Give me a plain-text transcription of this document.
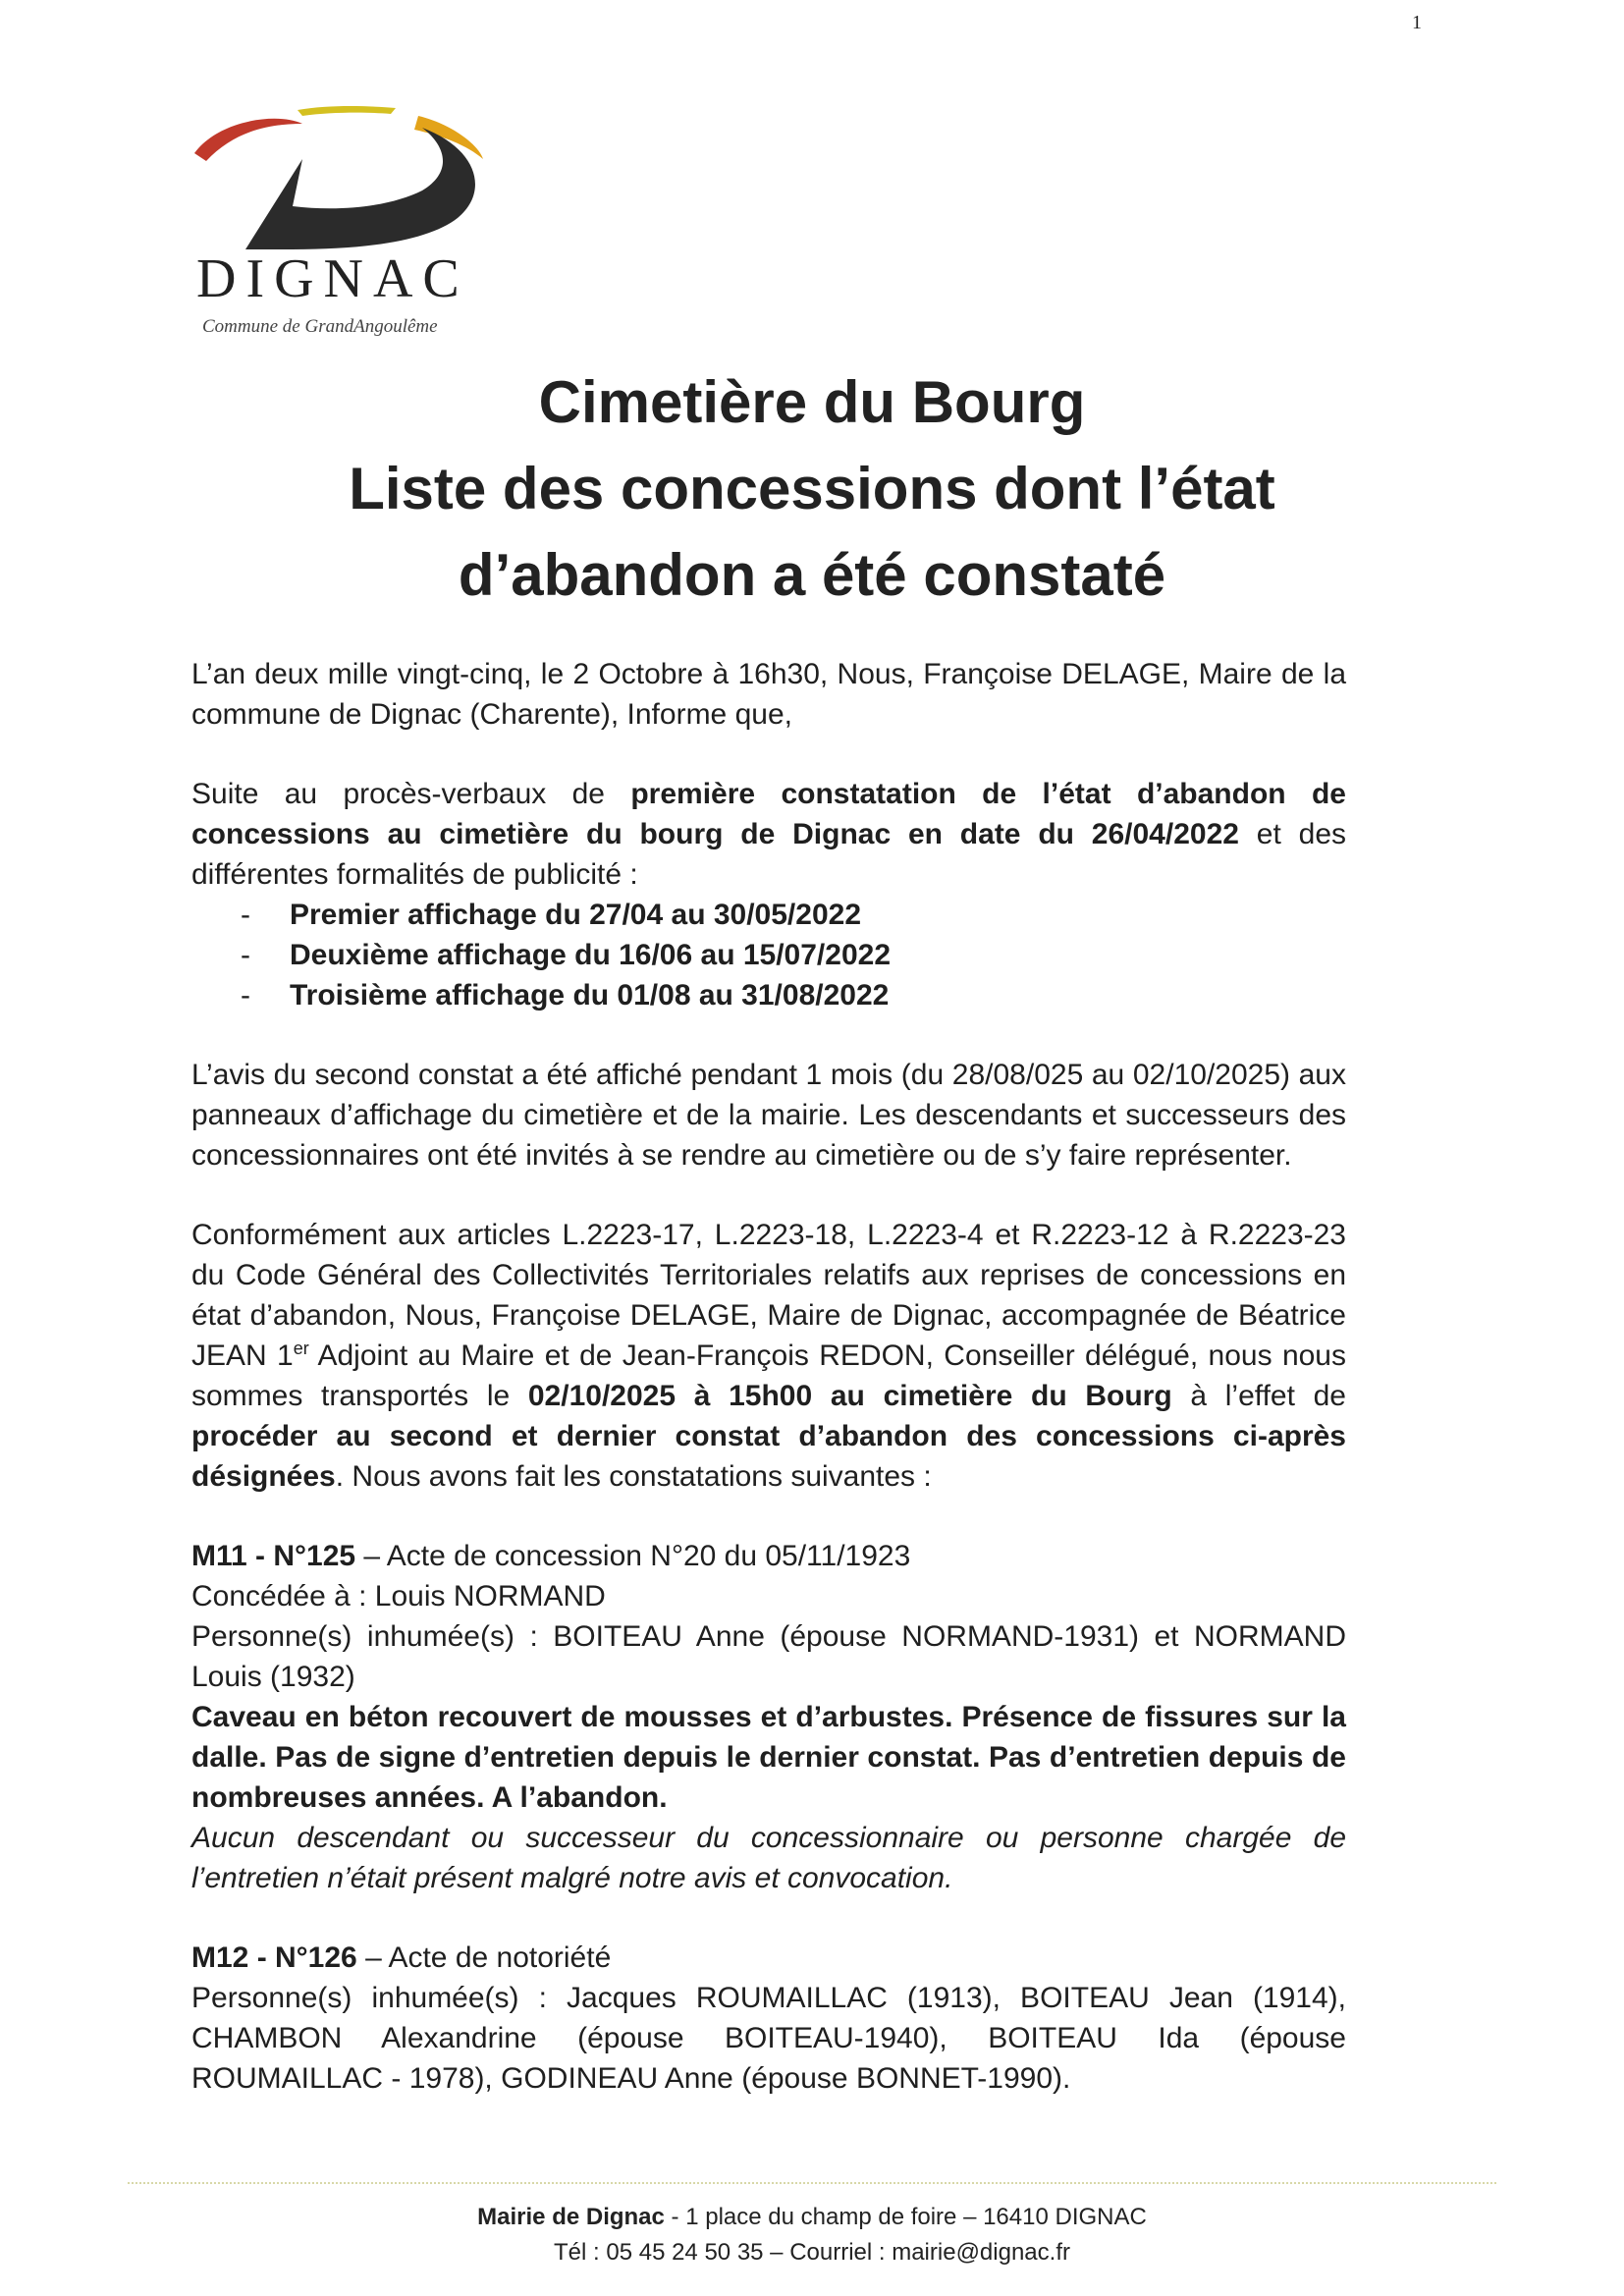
1
DIGNAC
Commune de GrandAngoulême
Cimetière du Bourg
Liste des concessions dont l’état
d’abandon a été constaté

L’an deux mille vingt-cinq, le 2 Octobre à 16h30, Nous, Françoise DELAGE, Maire de la commune de Dignac (Charente), Informe que,

Suite au procès-verbaux de première constatation de l’état d’abandon de concessions au cimetière du bourg de Dignac en date du 26/04/2022 et des différentes formalités de publicité :

- Premier affichage du 27/04 au 30/05/2022
- Deuxième affichage du 16/06 au 15/07/2022
- Troisième affichage du 01/08 au 31/08/2022

L’avis du second constat a été affiché pendant 1 mois (du 28/08/025 au 02/10/2025) aux panneaux d’affichage du cimetière et de la mairie. Les descendants et successeurs des concessionnaires ont été invités à se rendre au cimetière ou de s’y faire représenter.

Conformément aux articles L.2223-17, L.2223-18, L.2223-4 et R.2223-12 à R.2223-23 du Code Général des Collectivités Territoriales relatifs aux reprises de concessions en état d’abandon, Nous, Françoise DELAGE, Maire de Dignac, accompagnée de Béatrice JEAN 1er Adjoint au Maire et de Jean-François REDON, Conseiller délégué, nous nous sommes transportés le 02/10/2025 à 15h00 au cimetière du Bourg à l’effet de procéder au second et dernier constat d’abandon des concessions ci-après désignées. Nous avons fait les constatations suivantes :

M11 - N°125 – Acte de concession N°20 du 05/11/1923

Concédée à : Louis NORMAND

Personne(s) inhumée(s) : BOITEAU Anne (épouse NORMAND-1931) et NORMAND Louis (1932)

Caveau en béton recouvert de mousses et d’arbustes. Présence de fissures sur la dalle. Pas de signe d’entretien depuis le dernier constat. Pas d’entretien depuis de nombreuses années. A l’abandon.

Aucun descendant ou successeur du concessionnaire ou personne chargée de l’entretien n’était présent malgré notre avis et convocation.

M12 - N°126 – Acte de notoriété

Personne(s) inhumée(s) : Jacques ROUMAILLAC (1913), BOITEAU Jean (1914), CHAMBON Alexandrine (épouse BOITEAU-1940), BOITEAU Ida (épouse ROUMAILLAC - 1978), GODINEAU Anne (épouse BONNET-1990).

Mairie de Dignac - 1 place du champ de foire – 16410 DIGNAC
Tél : 05 45 24 50 35 – Courriel : mairie@dignac.fr
